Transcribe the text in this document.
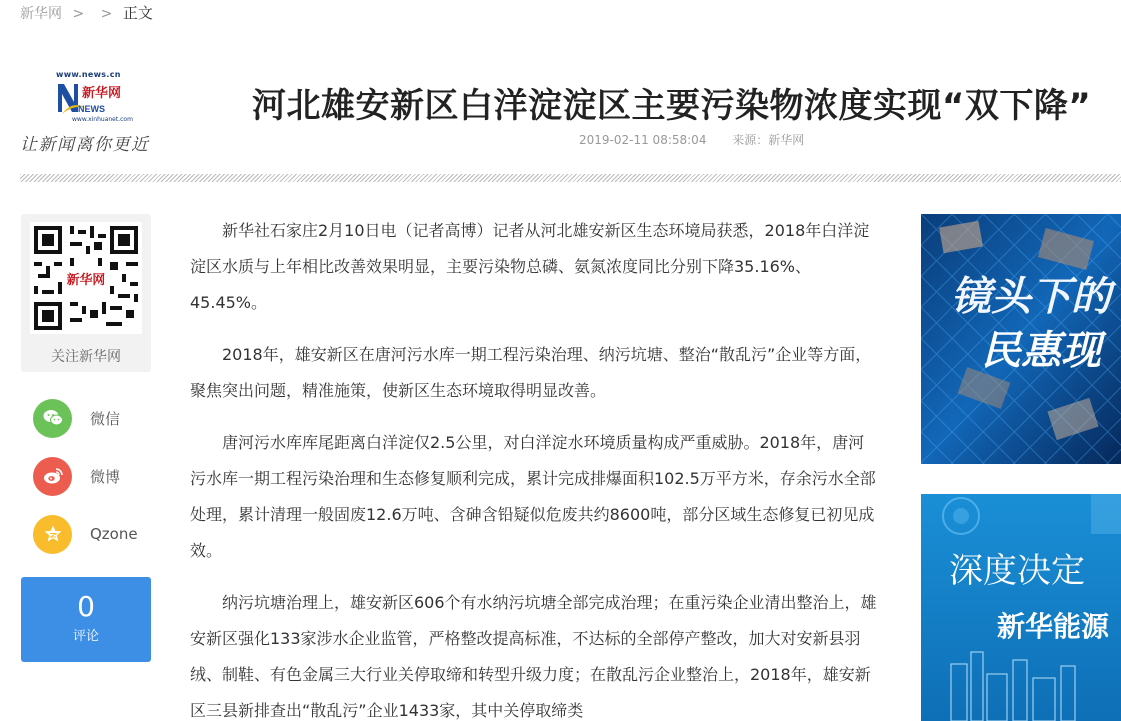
新华网 > > 正文
www.news.cn
NEWS
新华网
www.xinhuanet.com
让新闻离你更近
河北雄安新区白洋淀淀区主要污染物浓度实现“双下降”
2019-02-11 08:58:04 来源：新华网
新华网
关注新华网
微信
微博
Qzone
0
评论

新华社石家庄2月10日电（记者高博）记者从河北雄安新区生态环境局获悉，2018年白洋淀淀区水质与上年相比改善效果明显，主要污染物总磷、氨氮浓度同比分别下降35.16%、45.45%。

2018年，雄安新区在唐河污水库一期工程污染治理、纳污坑塘、整治“散乱污”企业等方面，聚焦突出问题，精准施策，使新区生态环境取得明显改善。

唐河污水库库尾距离白洋淀仅2.5公里，对白洋淀水环境质量构成严重威胁。2018年，唐河污水库一期工程污染治理和生态修复顺利完成，累计完成排爆面积102.5万平方米，存余污水全部处理，累计清理一般固废12.6万吨、含砷含铅疑似危废共约8600吨，部分区域生态修复已初见成效。

纳污坑塘治理上，雄安新区606个有水纳污坑塘全部完成治理；在重污染企业清出整治上，雄安新区强化133家涉水企业监管，严格整改提高标准，不达标的全部停产整改，加大对安新县羽绒、制鞋、有色金属三大行业关停取缔和转型升级力度；在散乱污企业整治上，2018年，雄安新区三县新排查出“散乱污”企业1433家，其中关停取缔类

镜头下的
民惠现
深度决定
新华能源
